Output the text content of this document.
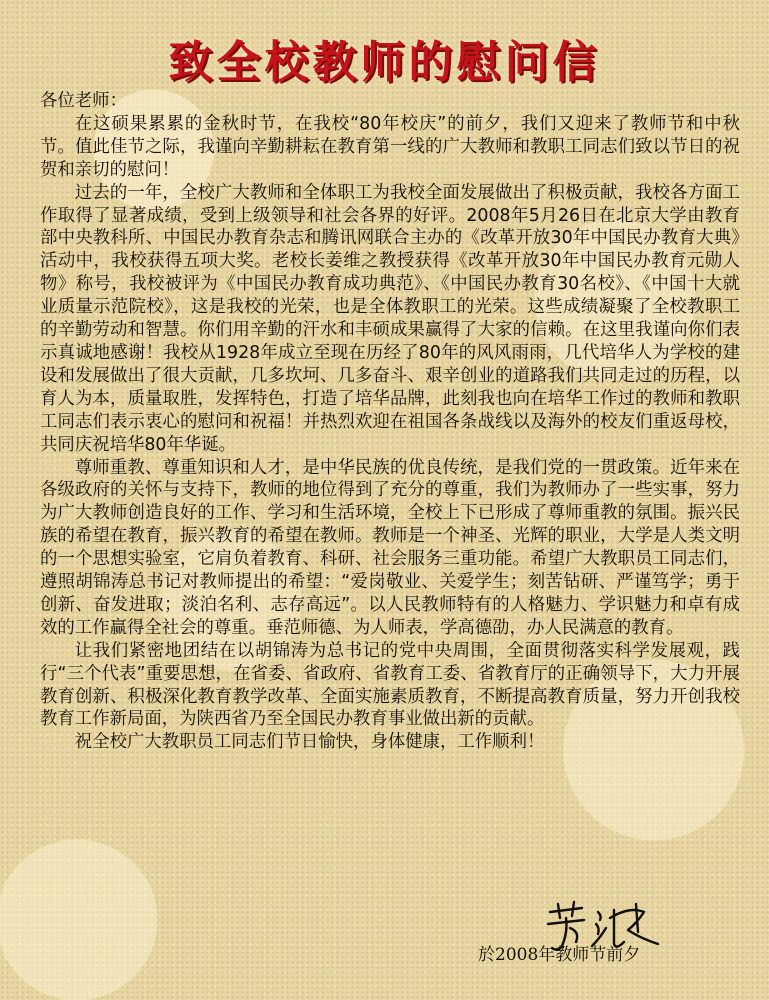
致全校教师的慰问信

各位老师：

在这硕果累累的金秋时节，在我校“80年校庆”的前夕，我们又迎来了教师节和中秋节。值此佳节之际，我谨向辛勤耕耘在教育第一线的广大教师和教职工同志们致以节日的祝贺和亲切的慰问！

过去的一年，全校广大教师和全体职工为我校全面发展做出了积极贡献，我校各方面工作取得了显著成绩，受到上级领导和社会各界的好评。2008年5月26日在北京大学由教育部中央教科所、中国民办教育杂志和腾讯网联合主办的《改革开放30年中国民办教育大典》活动中，我校获得五项大奖。老校长姜维之教授获得《改革开放30年中国民办教育元勋人物》称号，我校被评为《中国民办教育成功典范》、《中国民办教育30名校》、《中国十大就业质量示范院校》，这是我校的光荣，也是全体教职工的光荣。这些成绩凝聚了全校教职工的辛勤劳动和智慧。你们用辛勤的汗水和丰硕成果赢得了大家的信赖。在这里我谨向你们表示真诚地感谢！我校从1928年成立至现在历经了80年的风风雨雨，几代培华人为学校的建设和发展做出了很大贡献，几多坎坷、几多奋斗、艰辛创业的道路我们共同走过的历程，以育人为本，质量取胜，发挥特色，打造了培华品牌，此刻我也向在培华工作过的教师和教职工同志们表示衷心的慰问和祝福！并热烈欢迎在祖国各条战线以及海外的校友们重返母校，共同庆祝培华80年华诞。

尊师重教、尊重知识和人才，是中华民族的优良传统，是我们党的一贯政策。近年来在各级政府的关怀与支持下，教师的地位得到了充分的尊重，我们为教师办了一些实事，努力为广大教师创造良好的工作、学习和生活环境，全校上下已形成了尊师重教的氛围。振兴民族的希望在教育，振兴教育的希望在教师。教师是一个神圣、光辉的职业，大学是人类文明的一个思想实验室，它肩负着教育、科研、社会服务三重功能。希望广大教职员工同志们，遵照胡锦涛总书记对教师提出的希望：“爱岗敬业、关爱学生；刻苦钻研、严谨笃学；勇于创新、奋发进取；淡泊名利、志存高远”。以人民教师特有的人格魅力、学识魅力和卓有成效的工作赢得全社会的尊重。垂范师德、为人师表，学高德劭，办人民满意的教育。

让我们紧密地团结在以胡锦涛为总书记的党中央周围，全面贯彻落实科学发展观，践行“三个代表”重要思想，在省委、省政府、省教育工委、省教育厅的正确领导下，大力开展教育创新、积极深化教育教学改革、全面实施素质教育，不断提高教育质量，努力开创我校教育工作新局面，为陕西省乃至全国民办教育事业做出新的贡献。

祝全校广大教职员工同志们节日愉快，身体健康，工作顺利！

於2008年教师节前夕
